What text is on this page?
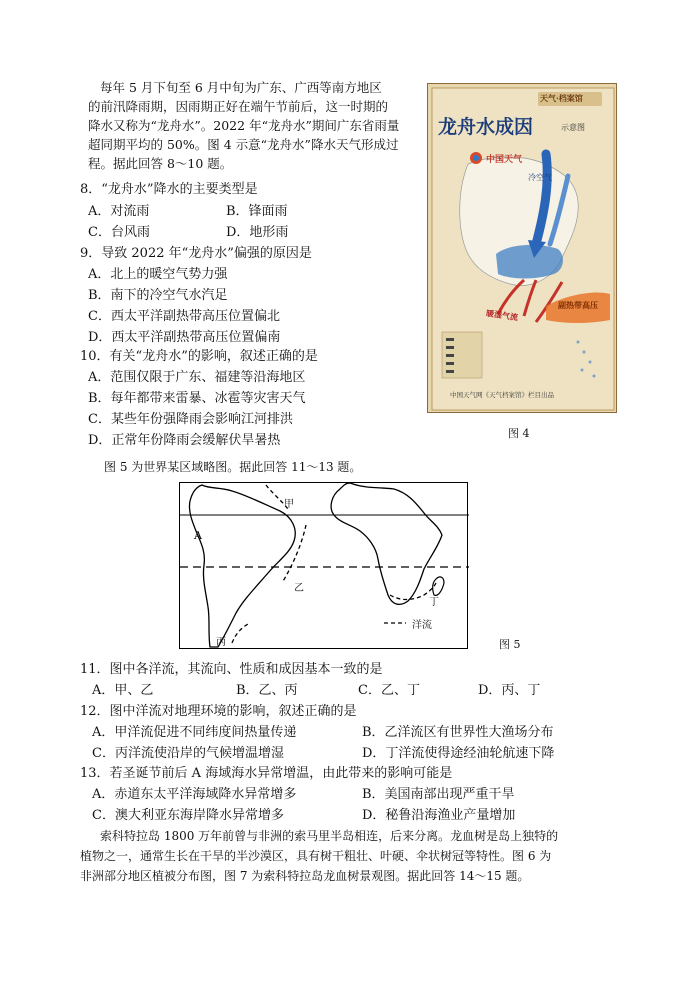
每年 5 月下旬至 6 月中旬为广东、广西等南方地区
的前汛降雨期，因雨期正好在端午节前后，这一时期的
降水又称为“龙舟水”。2022 年“龙舟水”期间广东省雨量
超同期平均的 50%。图 4 示意“龙舟水”降水天气形成过
程。据此回答 8～10 题。
8．“龙舟水”降水的主要类型是
A．对流雨	B．锋面雨
C．台风雨	D．地形雨
9．导致 2022 年“龙舟水”偏强的原因是
A．北上的暖空气势力强
B．南下的冷空气水汽足
C．西太平洋副热带高压位置偏北
D．西太平洋副热带高压位置偏南
10．有关“龙舟水”的影响，叙述正确的是
A．范围仅限于广东、福建等沿海地区
B．每年都带来雷暴、冰雹等灾害天气
C．某些年份强降雨会影响江河排洪
D．正常年份降雨会缓解伏旱暑热
天气·档案馆
龙舟水成因	示意图
中国天气
冷空气
暖湿气流
副热带高压
中国天气网《天气档案馆》栏目出品
图 4
图 5 为世界某区域略图。据此回答 11～13 题。
甲
乙
丙
丁
A
洋流
图 5
11．图中各洋流，其流向、性质和成因基本一致的是
A．甲、乙	B．乙、丙	C．乙、丁	D．丙、丁
12．图中洋流对地理环境的影响，叙述正确的是
A．甲洋流促进不同纬度间热量传递	B．乙洋流区有世界性大渔场分布
C．丙洋流使沿岸的气候增温增湿	D．丁洋流使得途经油轮航速下降
13．若圣诞节前后 A 海域海水异常增温，由此带来的影响可能是
A．赤道东太平洋海域降水异常增多	B．美国南部出现严重干旱
C．澳大利亚东海岸降水异常增多	D．秘鲁沿海渔业产量增加
索科特拉岛 1800 万年前曾与非洲的索马里半岛相连，后来分离。龙血树是岛上独特的
植物之一，通常生长在干旱的半沙漠区，具有树干粗壮、叶硬、伞状树冠等特性。图 6 为
非洲部分地区植被分布图，图 7 为索科特拉岛龙血树景观图。据此回答 14～15 题。
